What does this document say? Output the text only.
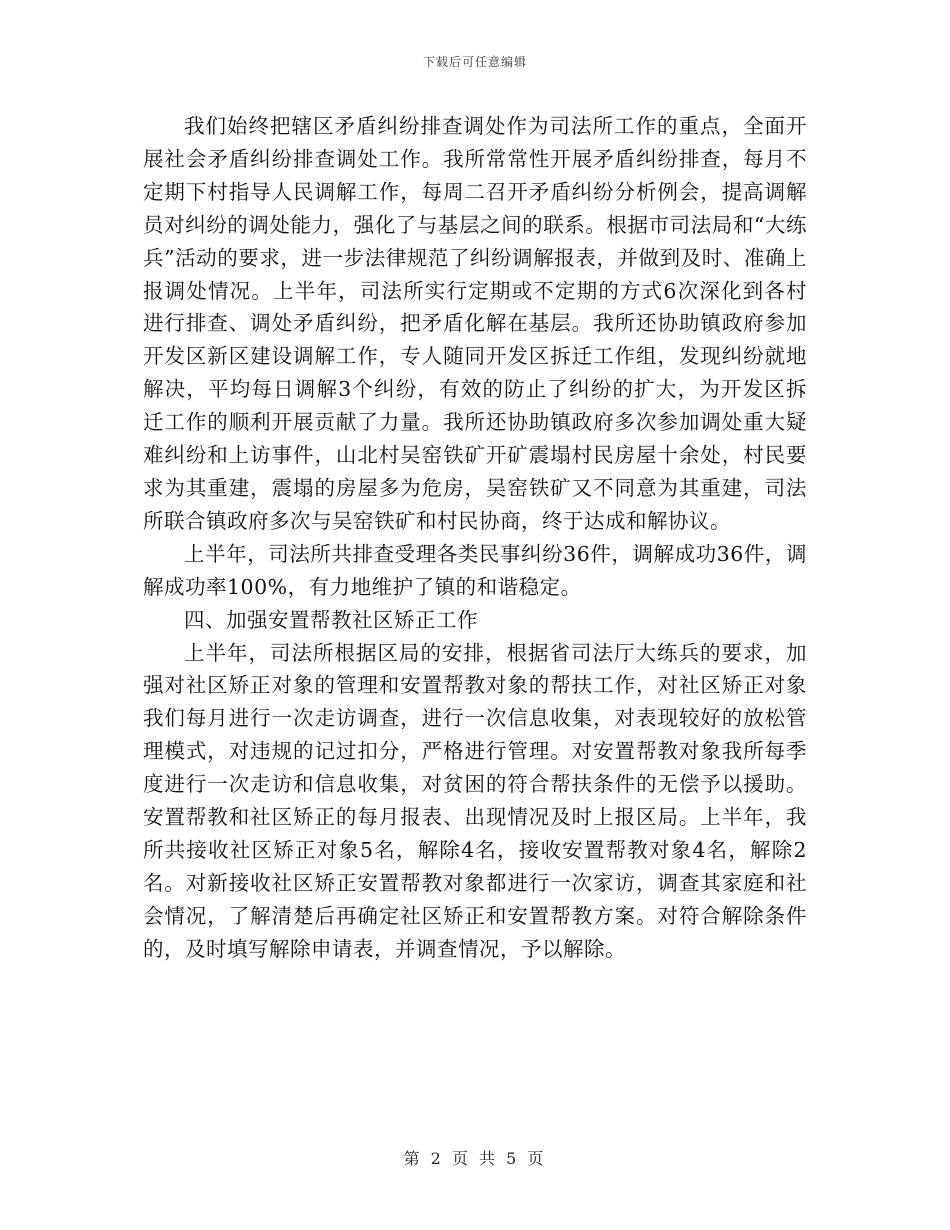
下载后可任意编辑

我们始终把辖区矛盾纠纷排查调处作为司法所工作的重点，全面开展社会矛盾纠纷排查调处工作。我所常常性开展矛盾纠纷排查，每月不定期下村指导人民调解工作，每周二召开矛盾纠纷分析例会，提高调解员对纠纷的调处能力，强化了与基层之间的联系。根据市司法局和“大练兵”活动的要求，进一步法律规范了纠纷调解报表，并做到及时、准确上报调处情况。上半年，司法所实行定期或不定期的方式6次深化到各村进行排查、调处矛盾纠纷，把矛盾化解在基层。我所还协助镇政府参加开发区新区建设调解工作，专人随同开发区拆迁工作组，发现纠纷就地解决，平均每日调解3个纠纷，有效的防止了纠纷的扩大，为开发区拆迁工作的顺利开展贡献了力量。我所还协助镇政府多次参加调处重大疑难纠纷和上访事件，山北村吴窑铁矿开矿震塌村民房屋十余处，村民要求为其重建，震塌的房屋多为危房，吴窑铁矿又不同意为其重建，司法所联合镇政府多次与吴窑铁矿和村民协商，终于达成和解协议。

上半年，司法所共排查受理各类民事纠纷36件，调解成功36件，调解成功率100%，有力地维护了镇的和谐稳定。

四、加强安置帮教社区矫正工作

上半年，司法所根据区局的安排，根据省司法厅大练兵的要求，加强对社区矫正对象的管理和安置帮教对象的帮扶工作，对社区矫正对象我们每月进行一次走访调查，进行一次信息收集，对表现较好的放松管理模式，对违规的记过扣分，严格进行管理。对安置帮教对象我所每季度进行一次走访和信息收集，对贫困的符合帮扶条件的无偿予以援助。安置帮教和社区矫正的每月报表、出现情况及时上报区局。上半年，我所共接收社区矫正对象5名，解除4名，接收安置帮教对象4名，解除2名。对新接收社区矫正安置帮教对象都进行一次家访，调查其家庭和社会情况，了解清楚后再确定社区矫正和安置帮教方案。对符合解除条件的，及时填写解除申请表，并调查情况，予以解除。

第 2 页 共 5 页
